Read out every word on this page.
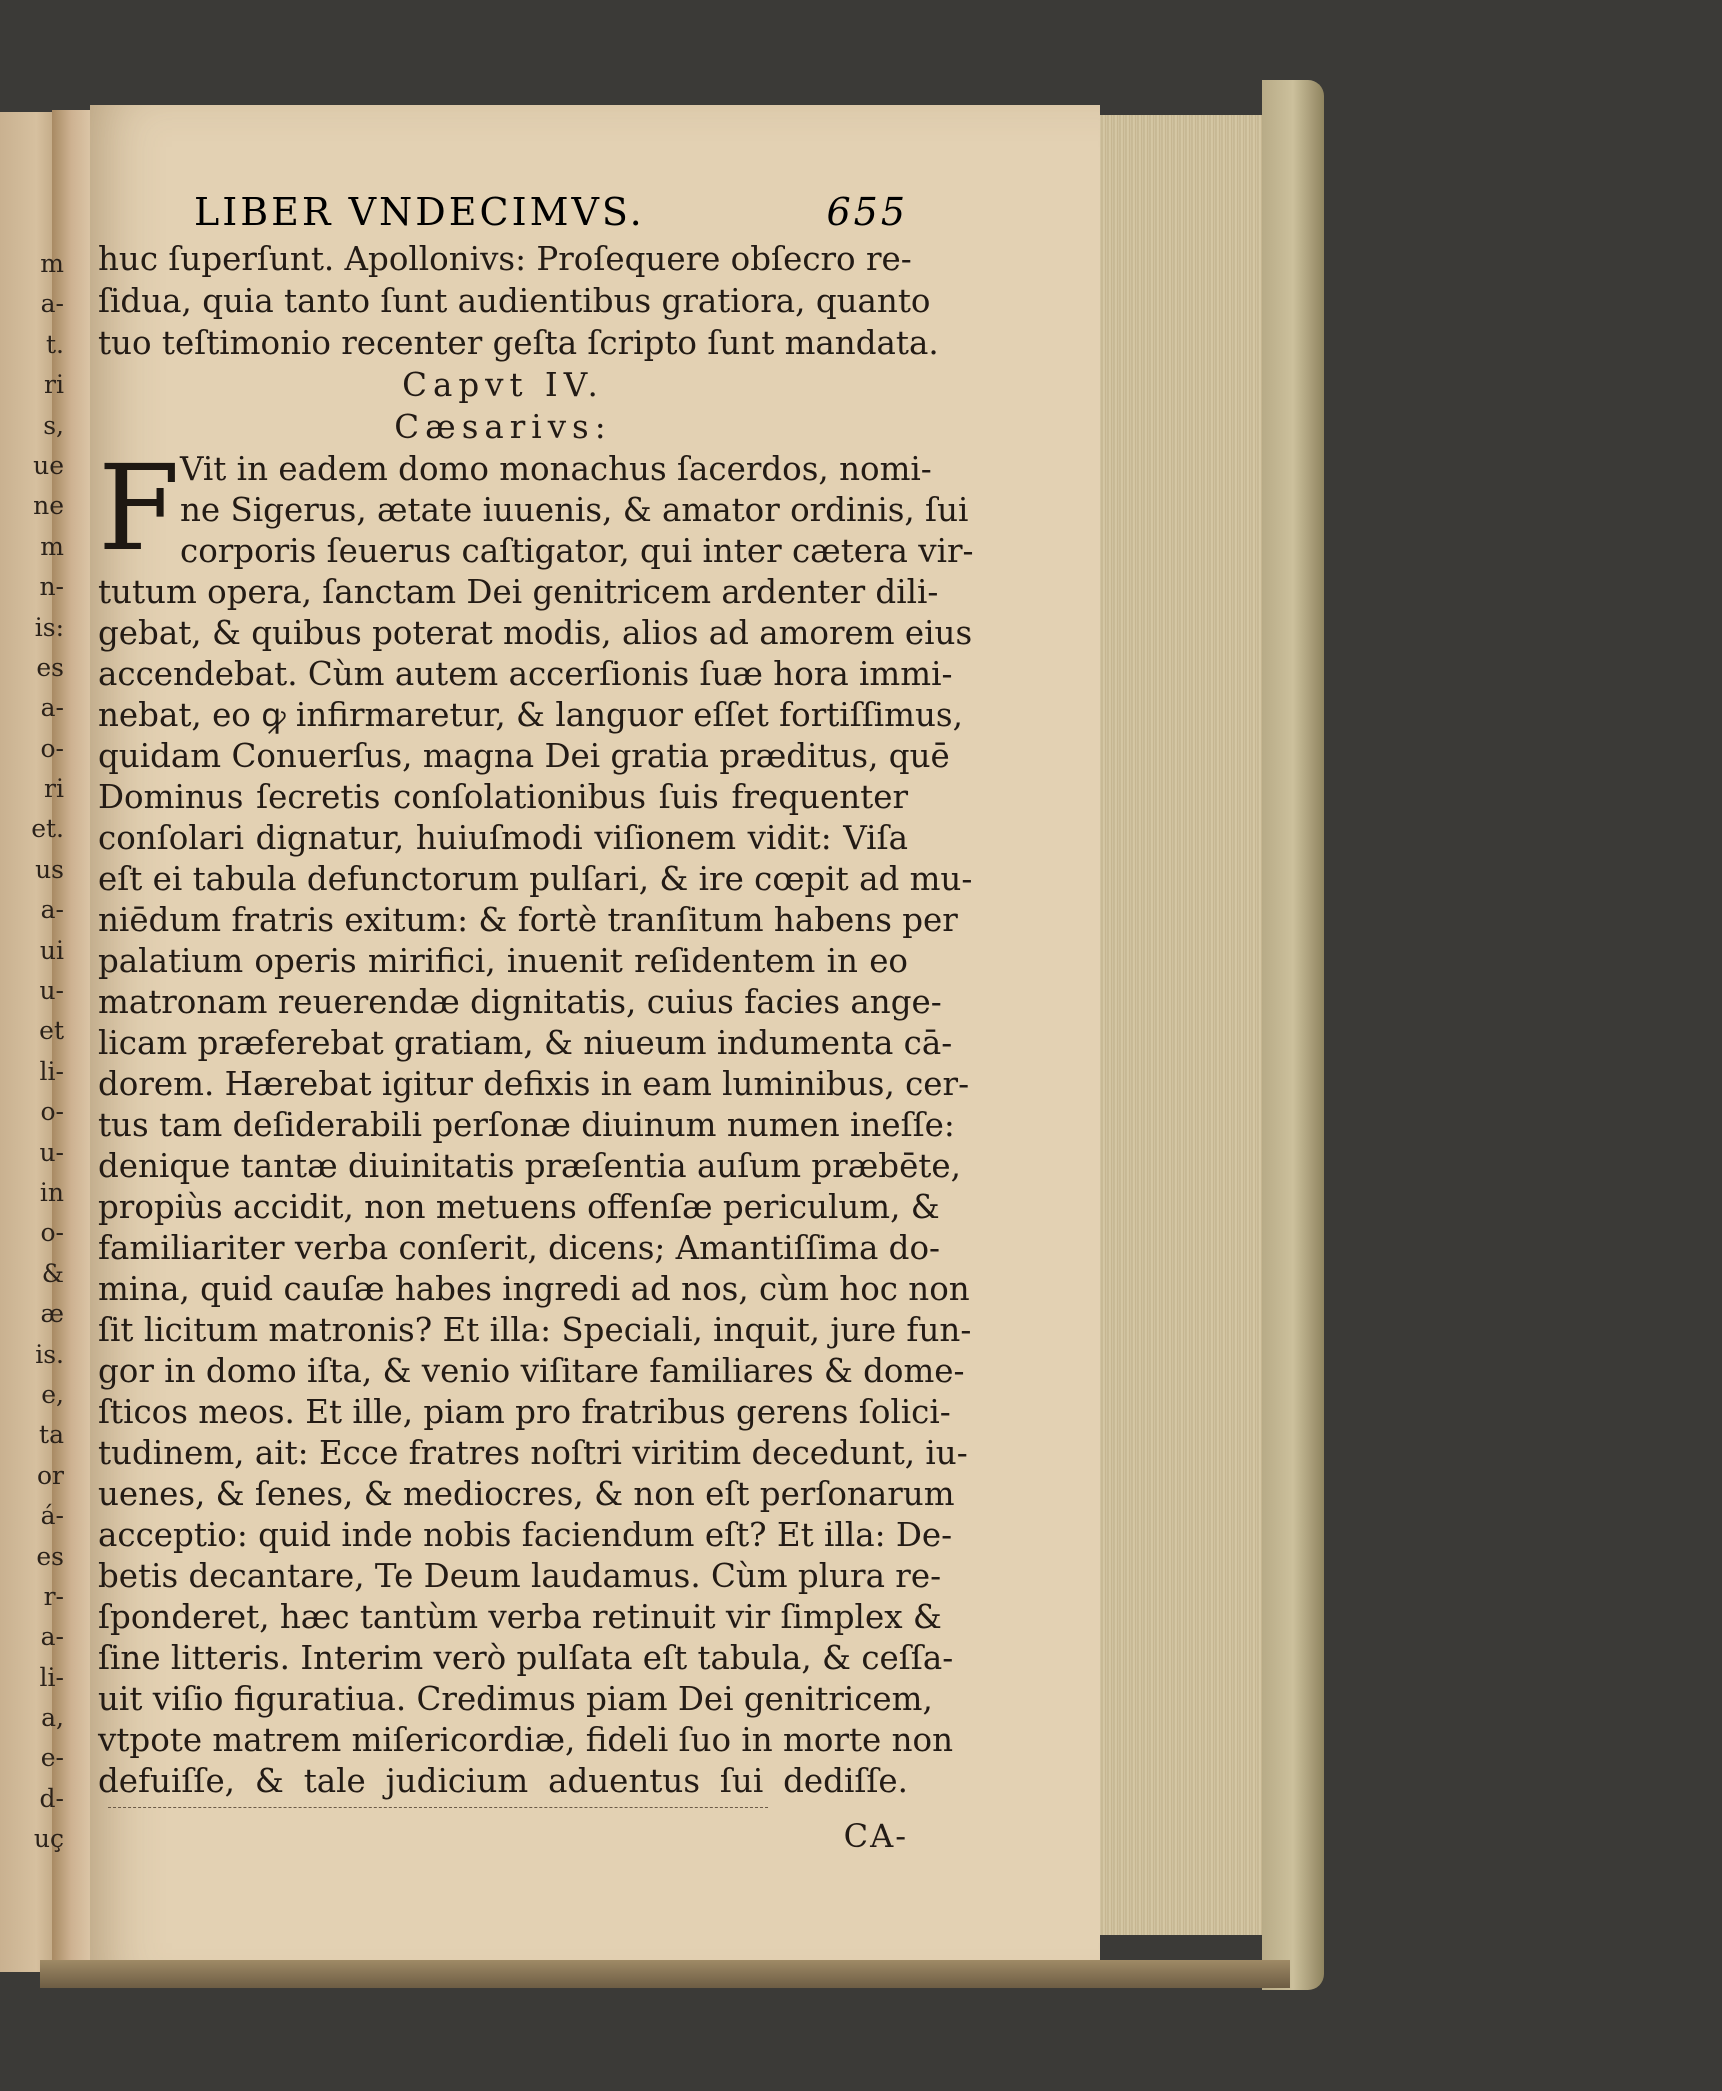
m
a-
t.
ri
s,
ue
ne
m
n-
is:
es
a-
o-
ri
et.
us
a-
ui
u-
et
li-
o-
u-
in
o-
&
æ
is.
e,
ta
or
á-
es
r-
a-
li-
a,
e-
d-
uç
LIBER VNDECIMVS.	655
huc ſuperſunt. Apollonivs: Proſequere obſecro re-
ſidua, quia tanto ſunt audientibus gratiora, quanto
tuo teſtimonio recenter geſta ſcripto ſunt mandata.
Capvt IV.
Cæsarivs:
F Vit in eadem domo monachus ſacerdos, nomi-
ne Sigerus, ætate iuuenis, & amator ordinis, ſui
corporis ſeuerus caſtigator, qui inter cætera vir-
tutum opera, ſanctam Dei genitricem ardenter dili-
gebat, & quibus poterat modis, alios ad amorem eius
accendebat. Cùm autem accerſionis ſuæ hora immi-
nebat, eo ꝙ infirmaretur, & languor eſſet fortiſſimus,
quidam Conuerſus, magna Dei gratia præditus, quē
Dominus ſecretis conſolationibus ſuis frequenter
conſolari dignatur, huiuſmodi viſionem vidit: Viſa
eſt ei tabula defunctorum pulſari, & ire cœpit ad mu-
niēdum fratris exitum: & fortè tranſitum habens per
palatium operis mirifici, inuenit reſidentem in eo
matronam reuerendæ dignitatis, cuius facies ange-
licam præferebat gratiam, & niueum indumenta cā-
dorem. Hærebat igitur defixis in eam luminibus, cer-
tus tam deſiderabili perſonæ diuinum numen ineſſe:
denique tantæ diuinitatis præſentia auſum præbēte,
propiùs accidit, non metuens offenſæ periculum, &
familiariter verba conſerit, dicens; Amantiſſima do-
mina, quid cauſæ habes ingredi ad nos, cùm hoc non
ſit licitum matronis? Et illa: Speciali, inquit, jure fun-
gor in domo iſta, & venio viſitare familiares & dome-
ſticos meos. Et ille, piam pro fratribus gerens ſolici-
tudinem, ait: Ecce fratres noſtri viritim decedunt, iu-
uenes, & ſenes, & mediocres, & non eſt perſonarum
acceptio: quid inde nobis faciendum eſt? Et illa: De-
betis decantare, Te Deum laudamus. Cùm plura re-
ſponderet, hæc tantùm verba retinuit vir ſimplex &
ſine litteris. Interim verò pulſata eſt tabula, & ceſſa-
uit viſio figuratiua. Credimus piam Dei genitricem,
vtpote matrem miſericordiæ, fideli ſuo in morte non
defuiſſe, & tale judicium aduentus ſui dediſſe.
CA-
